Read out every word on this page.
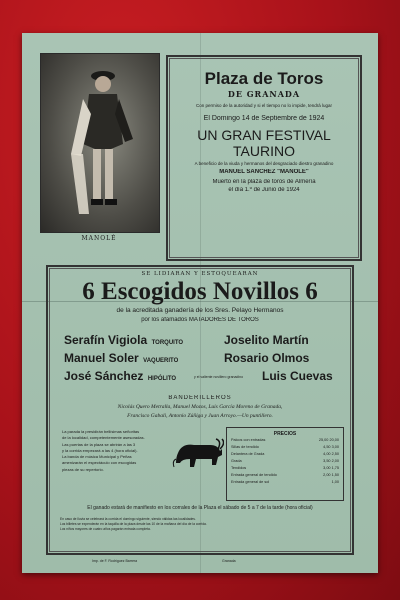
MANOLÉ
Plaza de Toros
DE GRANADA
Con permiso de la autoridad y si el tiempo no lo impide, tendrá lugar
El Domingo 14 de Septiembre de 1924
UN GRAN FESTIVAL
TAURINO
A beneficio de la viuda y hermanos del desgraciado diestro granadino
MANUEL SÁNCHEZ "MANOLÉ"
Muerto en la plaza de toros de Almería
el día 1.º de Junio de 1924
SE LIDIARÁN Y ESTOQUEARÁN
6 Escogidos Novillos 6
de la acreditada ganadería de los Sres. Pelayo Hermanos
por los afamados MATADORES DE TOROS
Serafín Vigiola TORQUITO	Joselito Martín
Manuel Soler VAQUERITO	Rosario Olmos
José Sánchez HIPÓLITO	y el valiente novillero granadino Luis Cuevas
BANDERILLEROS
Nicolás Quero Metralla, Manuel Mozos, Luis García Moreno de Granada,
Francisco Gabali, Antonio Zúñiga y Juan Arroyo.—Un puntillero.
La parada la presidirán bellísimas señoritas
de la localidad, competentemente asesoradas.
Las puertas de la plaza se abrirán a las 3
y la corrida empezará a las 4 (hora oficial).
La banda de música Municipal y Peñas
amenizarán el espectáculo con escogidas
piezas de su repertorio.
PRECIOS
Palcos con entradas	25,00 20,00
Sillas de tendido	4,50 3,00
Delantera de Grada	4,00 2,50
Grada	3,50 2,00
Tendidos	3,00 1,75
Entrada general de tendido	2,00 1,50
Entrada general de sol	1,00
El ganado estará de manifiesto en los corrales de la Plaza el sábado de 5 a 7 de la tarde (hora oficial)
En caso de lluvia se celebrará la corrida el domingo siguiente, siendo válidas las localidades.
Los billetes se expenderán en la taquilla de la plaza desde las 10 de la mañana del día de la corrida.
Los niños mayores de cuatro años pagarán entrada completa.
Imp. de F. Rodríguez Barrera	Granada
